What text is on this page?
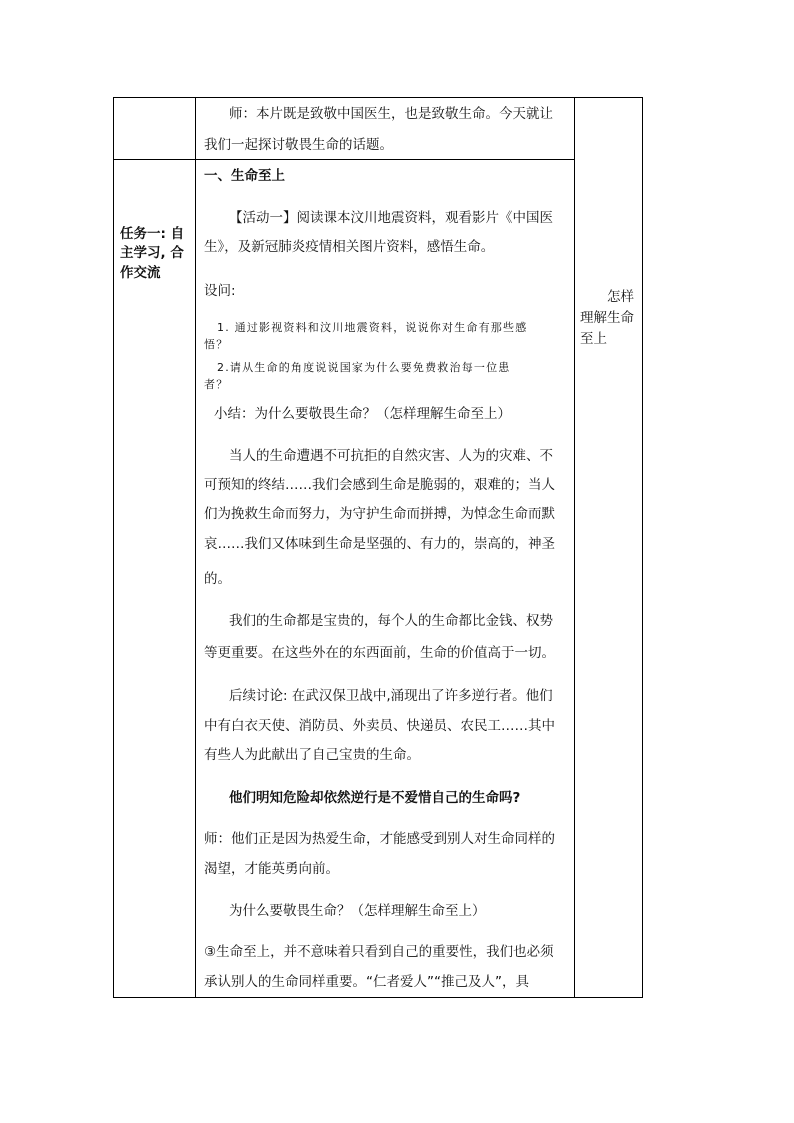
师：本片既是致敬中国医生，也是致敬生命。今天就让
我们一起探讨敬畏生命的话题。
任务一: 自
主学习, 合
作交流
一、生命至上
【活动一】阅读课本汶川地震资料，观看影片《中国医
生》，及新冠肺炎疫情相关图片资料，感悟生命。
设问:
1. 通过影视资料和汶川地震资料，说说你对生命有那些感
悟？
2.请从生命的角度说说国家为什么要免费救治每一位患
者？
小结：为什么要敬畏生命？（怎样理解生命至上）
当人的生命遭遇不可抗拒的自然灾害、人为的灾难、不
可预知的终结……我们会感到生命是脆弱的，艰难的；当人
们为挽救生命而努力，为守护生命而拼搏，为悼念生命而默
哀……我们又体味到生命是坚强的、有力的，崇高的，神圣
的。
我们的生命都是宝贵的，每个人的生命都比金钱、权势
等更重要。在这些外在的东西面前，生命的价值高于一切。
后续讨论: 在武汉保卫战中,涌现出了许多逆行者。他们
中有白衣天使、消防员、外卖员、快递员、农民工……其中
有些人为此献出了自己宝贵的生命。
他们明知危险却依然逆行是不爱惜自己的生命吗?
师：他们正是因为热爱生命，才能感受到别人对生命同样的
渴望，才能英勇向前。
为什么要敬畏生命？（怎样理解生命至上）
③生命至上，并不意味着只看到自己的重要性，我们也必须
承认别人的生命同样重要。“仁者爱人”“推己及人”，具
怎样
理解生命
至上
